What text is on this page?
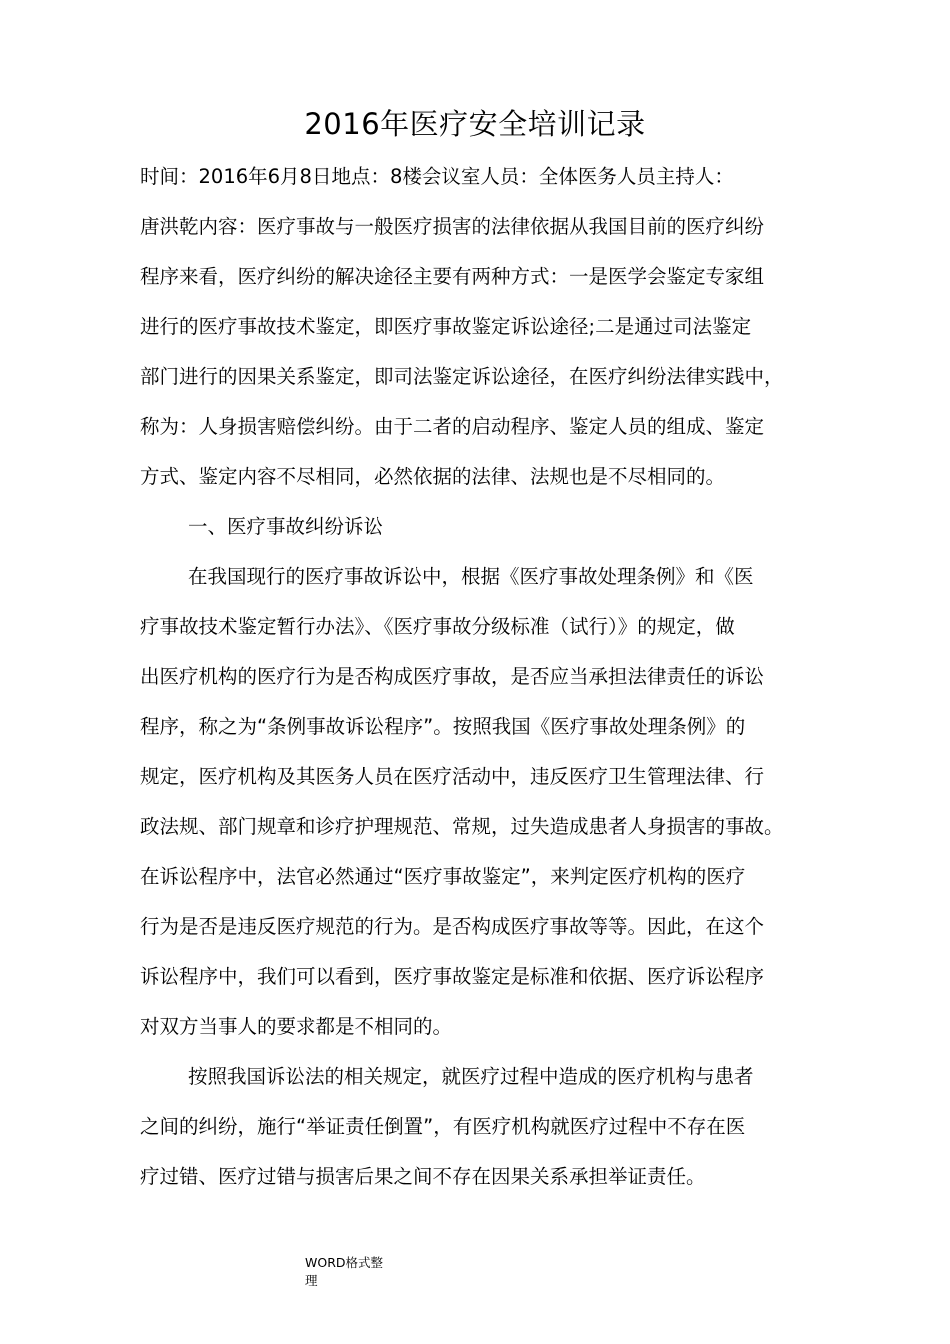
2016年医疗安全培训记录
时间：2016年6月8日地点：8楼会议室人员：全体医务人员主持人：
唐洪乾内容：医疗事故与一般医疗损害的法律依据从我国目前的医疗纠纷
程序来看，医疗纠纷的解决途径主要有两种方式：一是医学会鉴定专家组
进行的医疗事故技术鉴定，即医疗事故鉴定诉讼途径;二是通过司法鉴定
部门进行的因果关系鉴定，即司法鉴定诉讼途径，在医疗纠纷法律实践中，
称为：人身损害赔偿纠纷。由于二者的启动程序、鉴定人员的组成、鉴定
方式、鉴定内容不尽相同，必然依据的法律、法规也是不尽相同的。
一、医疗事故纠纷诉讼
在我国现行的医疗事故诉讼中，根据《医疗事故处理条例》和《医
疗事故技术鉴定暂行办法》、《医疗事故分级标准（试行）》的规定，做
出医疗机构的医疗行为是否构成医疗事故，是否应当承担法律责任的诉讼
程序，称之为“条例事故诉讼程序”。按照我国《医疗事故处理条例》的
规定，医疗机构及其医务人员在医疗活动中，违反医疗卫生管理法律、行
政法规、部门规章和诊疗护理规范、常规，过失造成患者人身损害的事故。
在诉讼程序中，法官必然通过“医疗事故鉴定”，来判定医疗机构的医疗
行为是否是违反医疗规范的行为。是否构成医疗事故等等。因此，在这个
诉讼程序中，我们可以看到，医疗事故鉴定是标准和依据、医疗诉讼程序
对双方当事人的要求都是不相同的。
按照我国诉讼法的相关规定，就医疗过程中造成的医疗机构与患者
之间的纠纷，施行“举证责任倒置”，有医疗机构就医疗过程中不存在医
疗过错、医疗过错与损害后果之间不存在因果关系承担举证责任。
WORD格式整
理
